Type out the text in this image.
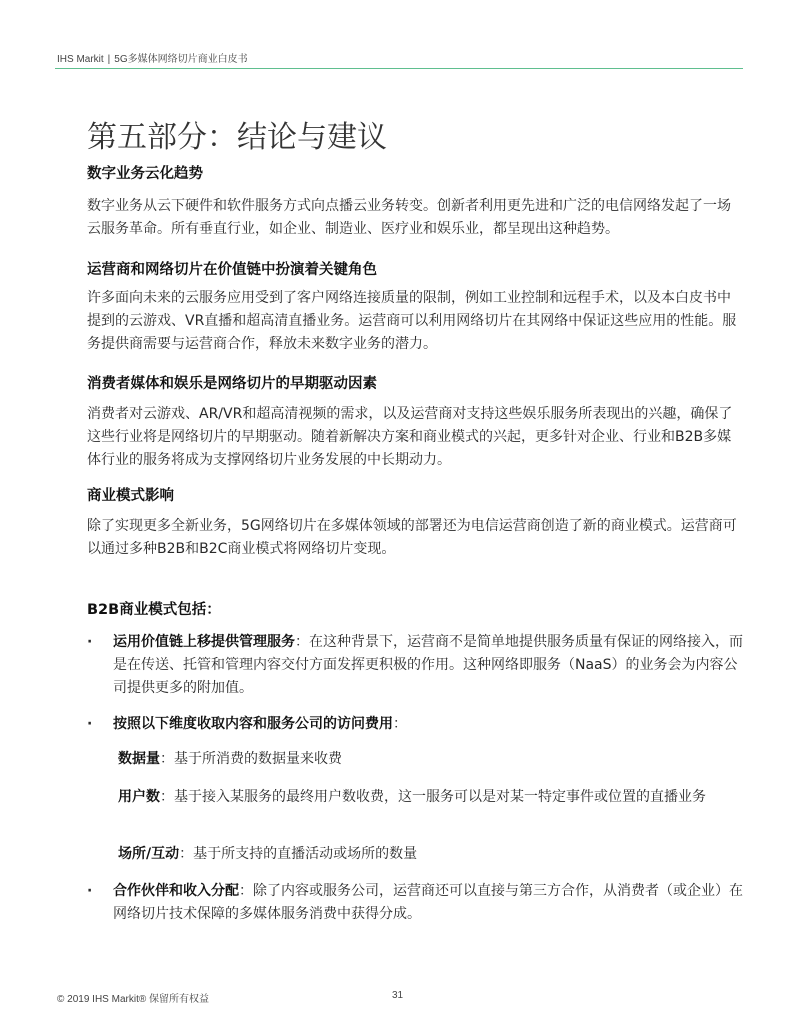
IHS Markit | 5G多媒体网络切片商业白皮书
第五部分：结论与建议
数字业务云化趋势

数字业务从云下硬件和软件服务方式向点播云业务转变。创新者利用更先进和广泛的电信网络发起了一场云服务革命。所有垂直行业，如企业、制造业、医疗业和娱乐业，都呈现出这种趋势。

运营商和网络切片在价值链中扮演着关键角色

许多面向未来的云服务应用受到了客户网络连接质量的限制，例如工业控制和远程手术，以及本白皮书中提到的云游戏、VR直播和超高清直播业务。运营商可以利用网络切片在其网络中保证这些应用的性能。服务提供商需要与运营商合作，释放未来数字业务的潜力。

消费者媒体和娱乐是网络切片的早期驱动因素

消费者对云游戏、AR/VR和超高清视频的需求，以及运营商对支持这些娱乐服务所表现出的兴趣，确保了这些行业将是网络切片的早期驱动。随着新解决方案和商业模式的兴起，更多针对企业、行业和B2B多媒体行业的服务将成为支撑网络切片业务发展的中长期动力。

商业模式影响

除了实现更多全新业务，5G网络切片在多媒体领域的部署还为电信运营商创造了新的商业模式。运营商可以通过多种B2B和B2C商业模式将网络切片变现。

B2B商业模式包括：
·	运用价值链上移提供管理服务：在这种背景下，运营商不是简单地提供服务质量有保证的网络接入，而是在传送、托管和管理内容交付方面发挥更积极的作用。这种网络即服务（NaaS）的业务会为内容公司提供更多的附加值。
·	按照以下维度收取内容和服务公司的访问费用：
数据量：基于所消费的数据量来收费
用户数：基于接入某服务的最终用户数收费，这一服务可以是对某一特定事件或位置的直播业务
场所/互动：基于所支持的直播活动或场所的数量
·	合作伙伴和收入分配：除了内容或服务公司，运营商还可以直接与第三方合作，从消费者（或企业）在网络切片技术保障的多媒体服务消费中获得分成。
© 2019 IHS Markit® 保留所有权益	31
